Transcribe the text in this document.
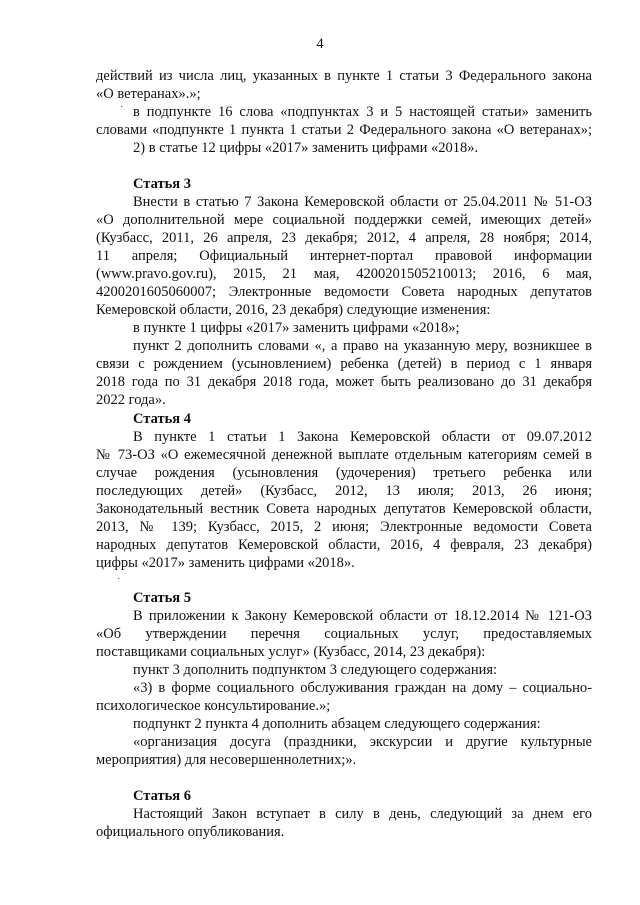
4
действий из числа лиц, указанных в пункте 1 статьи 3 Федерального закона
«О ветеранах».»;
· в подпункте 16 слова «подпунктах 3 и 5 настоящей статьи» заменить
словами «подпункте 1 пункта 1 статьи 2 Федерального закона «О ветеранах»;
2) в статье 12 цифры «2017» заменить цифрами «2018».
Статья 3
Внести в статью 7 Закона Кемеровской области от 25.04.2011 № 51-ОЗ
«О дополнительной мере социальной поддержки семей, имеющих детей»
(Кузбасс, 2011, 26 апреля, 23 декабря; 2012, 4 апреля, 28 ноября; 2014,
11 апреля; Официальный интернет-портал правовой информации
(www.pravo.gov.ru), 2015, 21 мая, 4200201505210013; 2016, 6 мая,
4200201605060007; Электронные ведомости Совета народных депутатов
Кемеровской области, 2016, 23 декабря) следующие изменения:
в пункте 1 цифры «2017» заменить цифрами «2018»;
пункт 2 дополнить словами «, а право на указанную меру, возникшее в
связи с рождением (усыновлением) ребенка (детей) в период с 1 января
2018 года по 31 декабря 2018 года, может быть реализовано до 31 декабря
2022 года».
Статья 4
В пункте 1 статьи 1 Закона Кемеровской области от 09.07.2012
№ 73-ОЗ «О ежемесячной денежной выплате отдельным категориям семей в
случае рождения (усыновления (удочерения) третьего ребенка или
последующих детей» (Кузбасс, 2012, 13 июля; 2013, 26 июня;
Законодательный вестник Совета народных депутатов Кемеровской области,
2013, № 139; Кузбасс, 2015, 2 июня; Электронные ведомости Совета
народных депутатов Кемеровской области, 2016, 4 февраля, 23 декабря)
цифры «2017» заменить цифрами «2018».
·
Статья 5
В приложении к Закону Кемеровской области от 18.12.2014 № 121-ОЗ
«Об утверждении перечня социальных услуг, предоставляемых
поставщиками социальных услуг» (Кузбасс, 2014, 23 декабря):
пункт 3 дополнить подпунктом 3 следующего содержания:
«3) в форме социального обслуживания граждан на дому – социально-
психологическое консультирование.»;
подпункт 2 пункта 4 дополнить абзацем следующего содержания:
«организация досуга (праздники, экскурсии и другие культурные
мероприятия) для несовершеннолетних;».
Статья 6
Настоящий Закон вступает в силу в день, следующий за днем его
официального опубликования.
